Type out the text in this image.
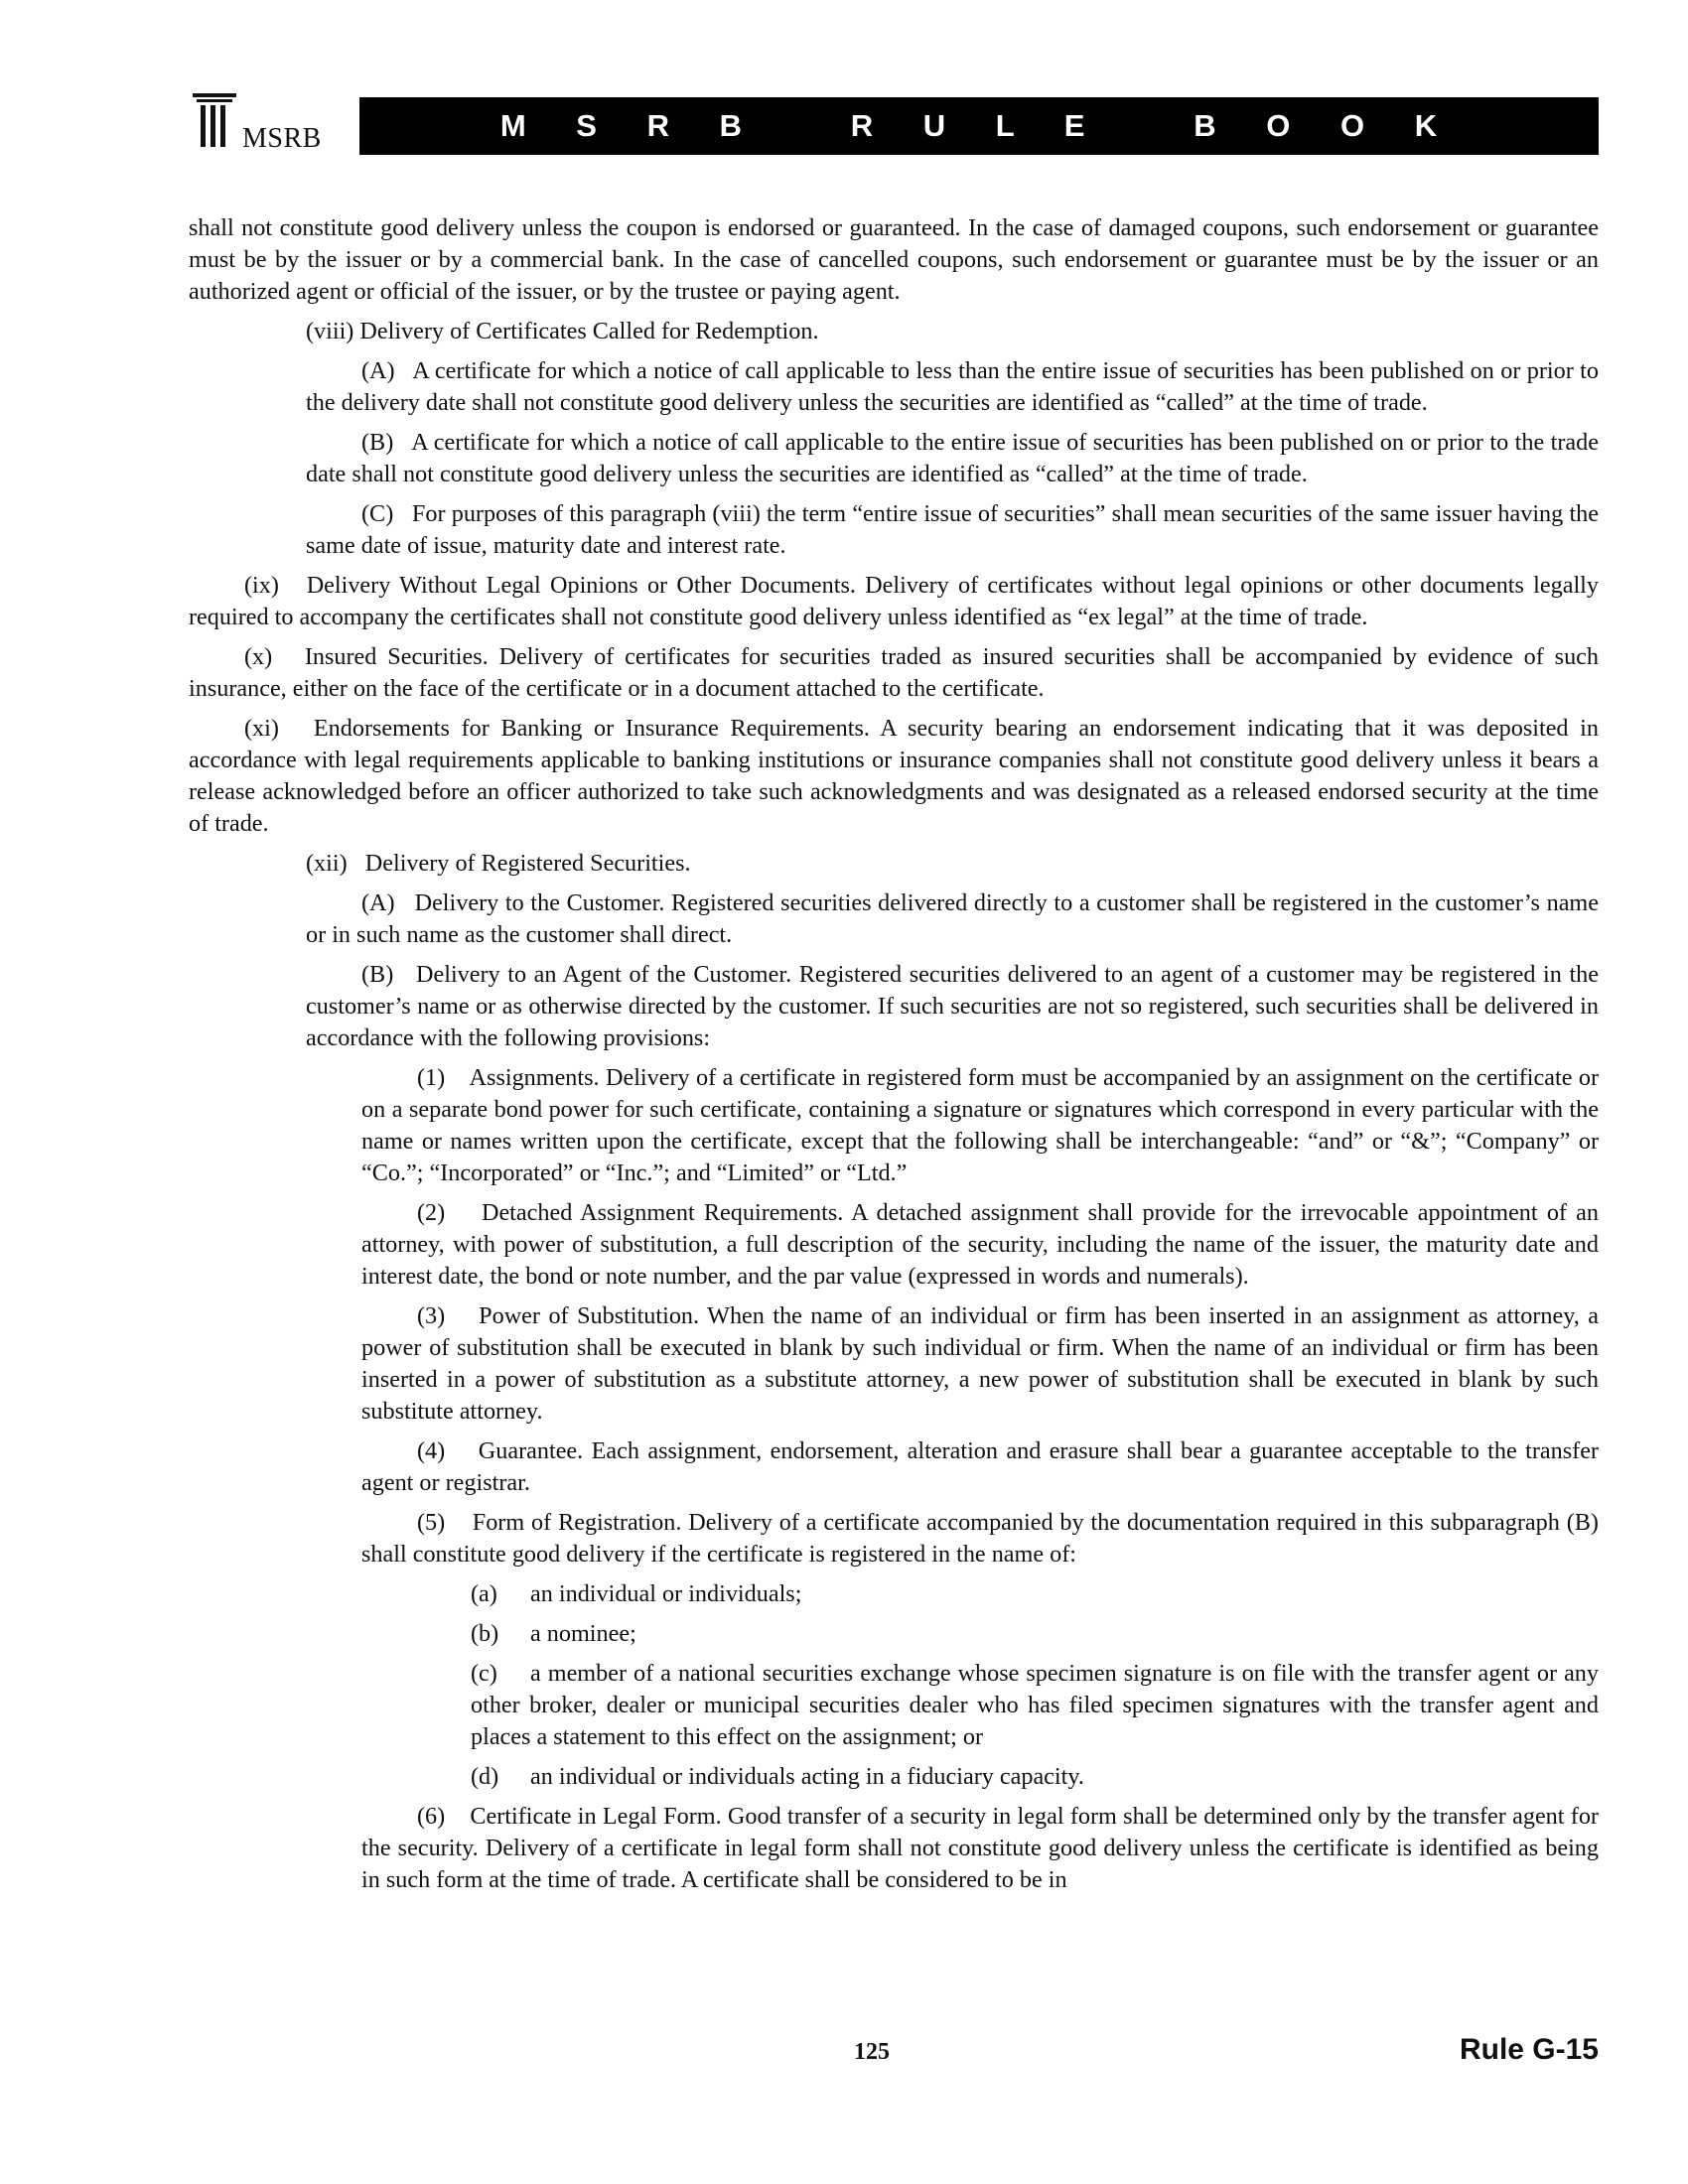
MSRB	M S R B   R U L E   B O O K

shall not constitute good delivery unless the coupon is endorsed or guaranteed. In the case of damaged coupons, such endorsement or guarantee must be by the issuer or by a commercial bank. In the case of cancelled coupons, such endorsement or guarantee must be by the issuer or an authorized agent or official of the issuer, or by the trustee or paying agent.

(viii) Delivery of Certificates Called for Redemption.

(A)   A certificate for which a notice of call applicable to less than the entire issue of securities has been published on or prior to the delivery date shall not constitute good delivery unless the securities are identified as “called” at the time of trade.

(B)   A certificate for which a notice of call applicable to the entire issue of securities has been published on or prior to the trade date shall not constitute good delivery unless the securities are identified as “called” at the time of trade.

(C)   For purposes of this paragraph (viii) the term “entire issue of securities” shall mean securities of the same issuer having the same date of issue, maturity date and interest rate.

(ix)   Delivery Without Legal Opinions or Other Documents. Delivery of certificates without legal opinions or other documents legally required to accompany the certificates shall not constitute good delivery unless identified as “ex legal” at the time of trade.

(x)   Insured Securities. Delivery of certificates for securities traded as insured securities shall be accompanied by evidence of such insurance, either on the face of the certificate or in a document attached to the certificate.

(xi)   Endorsements for Banking or Insurance Requirements. A security bearing an endorsement indicating that it was deposited in accordance with legal requirements applicable to banking institutions or insurance companies shall not constitute good delivery unless it bears a release acknowledged before an officer authorized to take such acknowledgments and was designated as a released endorsed security at the time of trade.

(xii)   Delivery of Registered Securities.

(A)   Delivery to the Customer. Registered securities delivered directly to a customer shall be registered in the customer’s name or in such name as the customer shall direct.

(B)   Delivery to an Agent of the Customer. Registered securities delivered to an agent of a customer may be registered in the customer’s name or as otherwise directed by the customer. If such securities are not so registered, such securities shall be delivered in accordance with the following provisions:

(1)    Assignments. Delivery of a certificate in registered form must be accompanied by an assignment on the certificate or on a separate bond power for such certificate, containing a signature or signatures which correspond in every particular with the name or names written upon the certificate, except that the following shall be interchangeable: “and” or “&”; “Company” or “Co.”; “Incorporated” or “Inc.”; and “Limited” or “Ltd.”

(2)    Detached Assignment Requirements. A detached assignment shall provide for the irrevocable appointment of an attorney, with power of substitution, a full description of the security, including the name of the issuer, the maturity date and interest date, the bond or note number, and the par value (expressed in words and numerals).

(3)    Power of Substitution. When the name of an individual or firm has been inserted in an assignment as attorney, a power of substitution shall be executed in blank by such individual or firm. When the name of an individual or firm has been inserted in a power of substitution as a substitute attorney, a new power of substitution shall be executed in blank by such substitute attorney.

(4)    Guarantee. Each assignment, endorsement, alteration and erasure shall bear a guarantee acceptable to the transfer agent or registrar.

(5)    Form of Registration. Delivery of a certificate accompanied by the documentation required in this subparagraph (B) shall constitute good delivery if the certificate is registered in the name of:

(a) an individual or individuals;

(b) a nominee;

(c) a member of a national securities exchange whose specimen signature is on file with the transfer agent or any other broker, dealer or municipal securities dealer who has filed specimen signatures with the transfer agent and places a statement to this effect on the assignment; or

(d) an individual or individuals acting in a fiduciary capacity.

(6)    Certificate in Legal Form. Good transfer of a security in legal form shall be determined only by the transfer agent for the security. Delivery of a certificate in legal form shall not constitute good delivery unless the certificate is identified as being in such form at the time of trade. A certificate shall be considered to be in

125	Rule G-15
